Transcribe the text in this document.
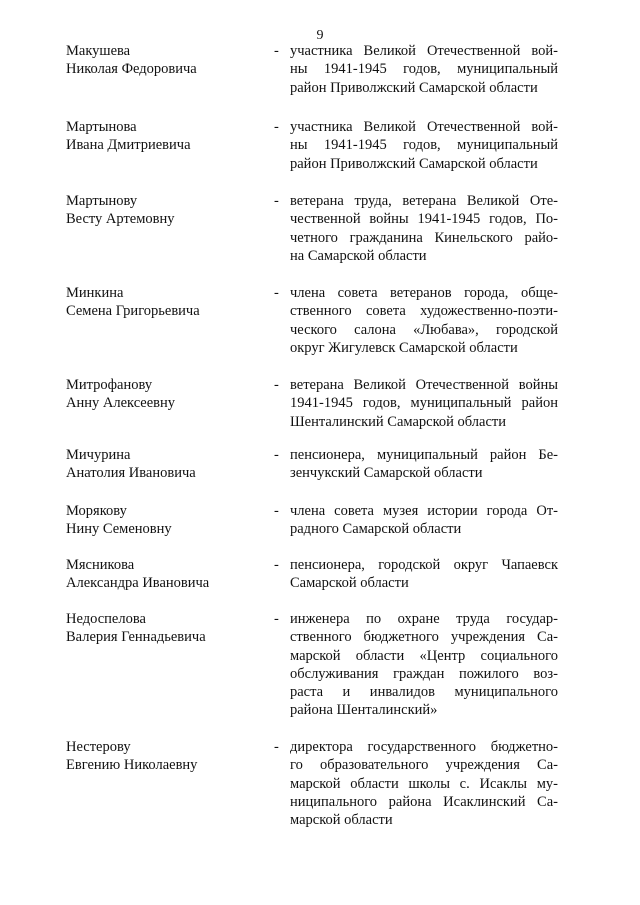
9
Макушева
Николая Федоровича
- участника Великой Отечественной вой-
ны 1941-1945 годов, муниципальный
район Приволжский Самарской области
Мартынова
Ивана Дмитриевича
- участника Великой Отечественной вой-
ны 1941-1945 годов, муниципальный
район Приволжский Самарской области
Мартынову
Весту Артемовну
- ветерана труда, ветерана Великой Оте-
чественной войны 1941-1945 годов, По-
четного гражданина Кинельского райо-
на Самарской области
Минкина
Семена Григорьевича
- члена совета ветеранов города, обще-
ственного совета художественно-поэти-
ческого салона «Любава», городской
округ Жигулевск Самарской области
Митрофанову
Анну Алексеевну
- ветерана Великой Отечественной войны
1941-1945 годов, муниципальный район
Шенталинский Самарской области
Мичурина
Анатолия Ивановича
- пенсионера, муниципальный район Бе-
зенчукский Самарской области
Морякову
Нину Семеновну
- члена совета музея истории города От-
радного Самарской области
Мясникова
Александра Ивановича
- пенсионера, городской округ Чапаевск
Самарской области
Недоспелова
Валерия Геннадьевича
- инженера по охране труда государ-
ственного бюджетного учреждения Са-
марской области «Центр социального
обслуживания граждан пожилого воз-
раста и инвалидов муниципального
района Шенталинский»
Нестерову
Евгению Николаевну
- директора государственного бюджетно-
го образовательного учреждения Са-
марской области школы с. Исаклы му-
ниципального района Исаклинский Са-
марской области
